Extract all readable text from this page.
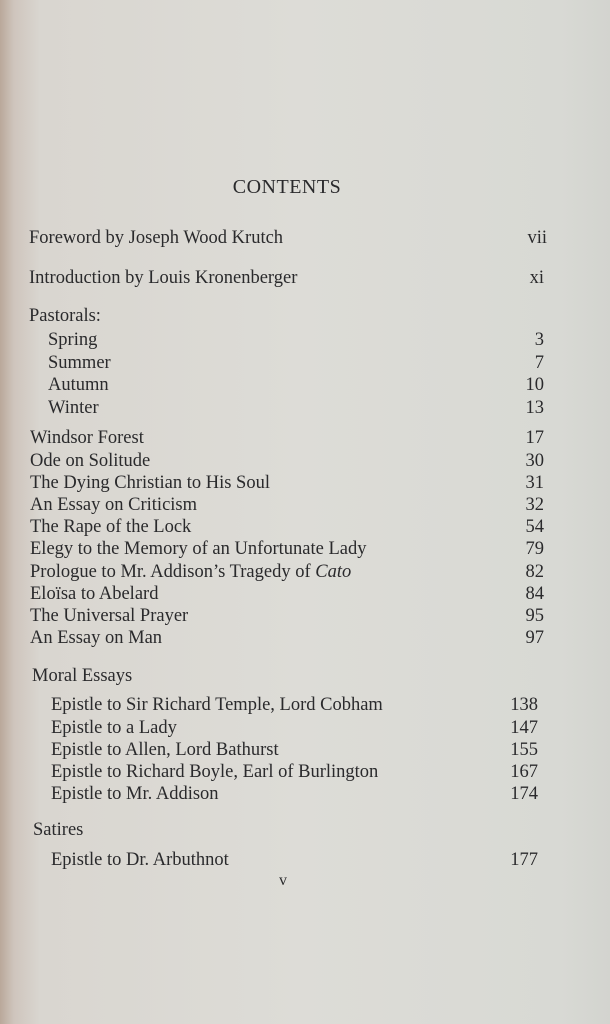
CONTENTS
Foreword by Joseph Wood Krutch	vii
Introduction by Louis Kronenberger	xi
Pastorals:
Spring	3
Summer	7
Autumn	10
Winter	13
Windsor Forest	17
Ode on Solitude	30
The Dying Christian to His Soul	31
An Essay on Criticism	32
The Rape of the Lock	54
Elegy to the Memory of an Unfortunate Lady	79
Prologue to Mr. Addison’s Tragedy of Cato	82
Eloïsa to Abelard	84
The Universal Prayer	95
An Essay on Man	97
Moral Essays
Epistle to Sir Richard Temple, Lord Cobham	138
Epistle to a Lady	147
Epistle to Allen, Lord Bathurst	155
Epistle to Richard Boyle, Earl of Burlington	167
Epistle to Mr. Addison	174
Satires
Epistle to Dr. Arbuthnot	177
v
